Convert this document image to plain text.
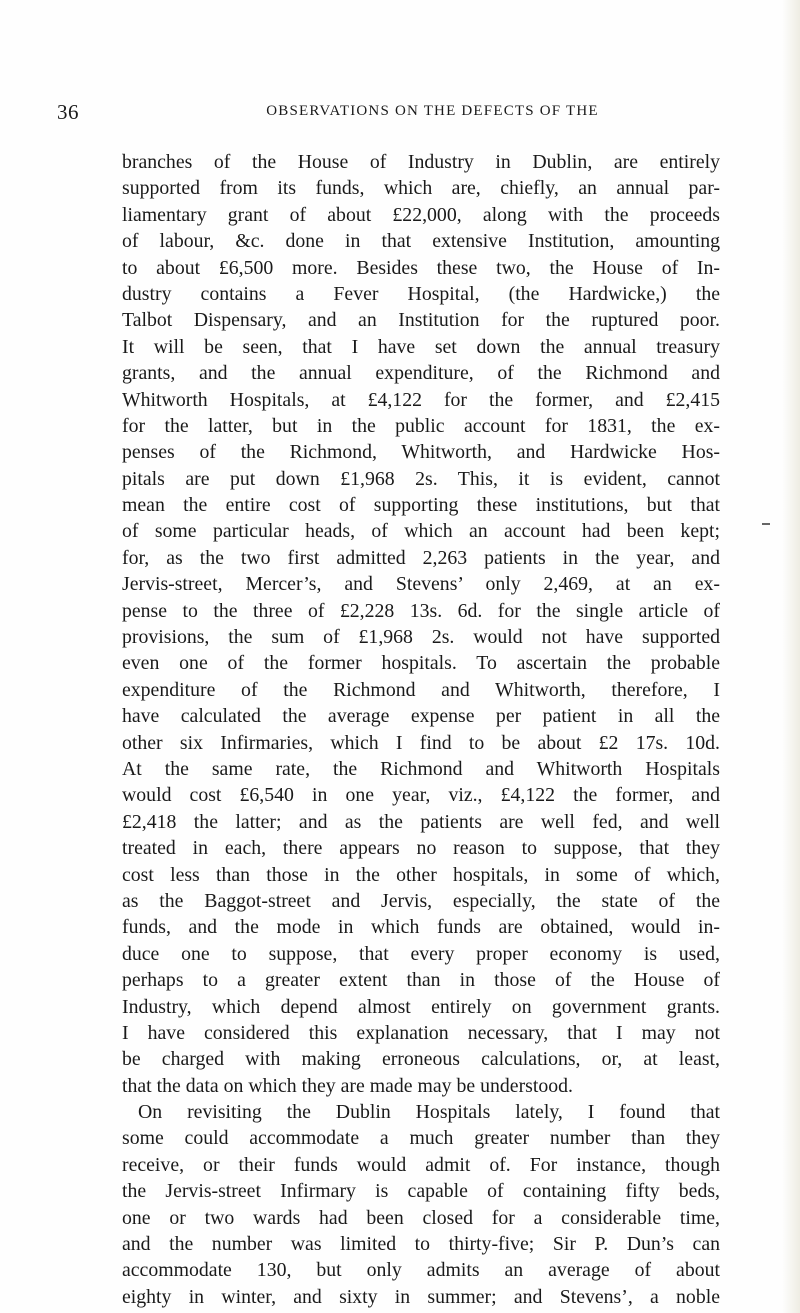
36	OBSERVATIONS ON THE DEFECTS OF THE
branches of the House of Industry in Dublin, are entirely
supported from its funds, which are, chiefly, an annual par-
liamentary grant of about £22,000, along with the proceeds
of labour, &c. done in that extensive Institution, amounting
to about £6,500 more. Besides these two, the House of In-
dustry contains a Fever Hospital, (the Hardwicke,) the
Talbot Dispensary, and an Institution for the ruptured poor.
It will be seen, that I have set down the annual treasury
grants, and the annual expenditure, of the Richmond and
Whitworth Hospitals, at £4,122 for the former, and £2,415
for the latter, but in the public account for 1831, the ex-
penses of the Richmond, Whitworth, and Hardwicke Hos-
pitals are put down £1,968 2s. This, it is evident, cannot
mean the entire cost of supporting these institutions, but that
of some particular heads, of which an account had been kept;
for, as the two first admitted 2,263 patients in the year, and
Jervis-street, Mercer’s, and Stevens’ only 2,469, at an ex-
pense to the three of £2,228 13s. 6d. for the single article of
provisions, the sum of £1,968 2s. would not have supported
even one of the former hospitals. To ascertain the probable
expenditure of the Richmond and Whitworth, therefore, I
have calculated the average expense per patient in all the
other six Infirmaries, which I find to be about £2 17s. 10d.
At the same rate, the Richmond and Whitworth Hospitals
would cost £6,540 in one year, viz., £4,122 the former, and
£2,418 the latter; and as the patients are well fed, and well
treated in each, there appears no reason to suppose, that they
cost less than those in the other hospitals, in some of which,
as the Baggot-street and Jervis, especially, the state of the
funds, and the mode in which funds are obtained, would in-
duce one to suppose, that every proper economy is used,
perhaps to a greater extent than in those of the House of
Industry, which depend almost entirely on government grants.
I have considered this explanation necessary, that I may not
be charged with making erroneous calculations, or, at least,
that the data on which they are made may be understood.
On revisiting the Dublin Hospitals lately, I found that
some could accommodate a much greater number than they
receive, or their funds would admit of. For instance, though
the Jervis-street Infirmary is capable of containing fifty beds,
one or two wards had been closed for a considerable time,
and the number was limited to thirty-five; Sir P. Dun’s can
accommodate 130, but only admits an average of about
eighty in winter, and sixty in summer; and Stevens’, a noble
